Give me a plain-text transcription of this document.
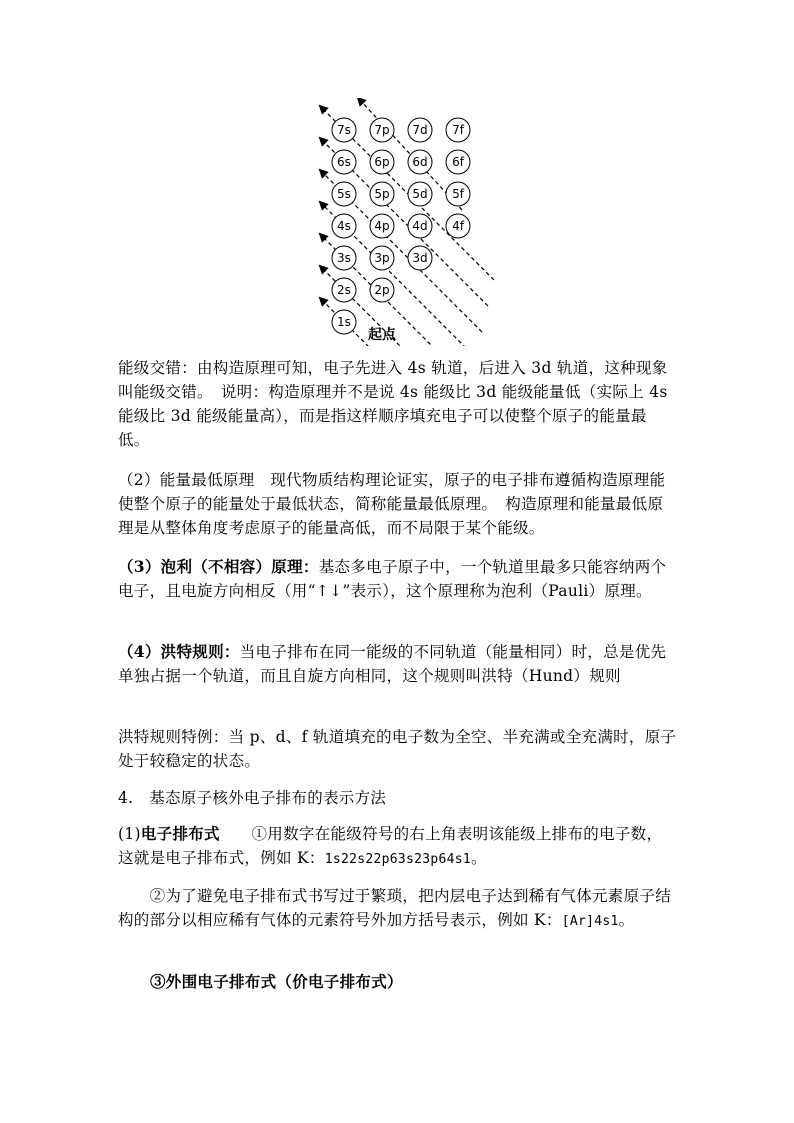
7s 7p 7d 7f
6s 6p 6d 6f
5s 5p 5d 5f
4s 4p 4d 4f
3s 3p 3d
2s 2p
1s
起点

能级交错：由构造原理可知，电子先进入 4s 轨道，后进入 3d 轨道，这种现象叫能级交错。　说明：构造原理并不是说 4s 能级比 3d 能级能量低（实际上 4s 能级比 3d 能级能量高），而是指这样顺序填充电子可以使整个原子的能量最低。

（2）能量最低原理　现代物质结构理论证实，原子的电子排布遵循构造原理能使整个原子的能量处于最低状态，简称能量最低原理。　构造原理和能量最低原理是从整体角度考虑原子的能量高低，而不局限于某个能级。

（3）泡利（不相容）原理：基态多电子原子中，一个轨道里最多只能容纳两个电子，且电旋方向相反（用“↑↓”表示），这个原理称为泡利（Pauli）原理。

（4）洪特规则：当电子排布在同一能级的不同轨道（能量相同）时，总是优先单独占据一个轨道，而且自旋方向相同，这个规则叫洪特（Hund）规则

洪特规则特例：当 p、d、f 轨道填充的电子数为全空、半充满或全充满时，原子处于较稳定的状态。

4.　基态原子核外电子排布的表示方法

(1)电子排布式　　①用数字在能级符号的右上角表明该能级上排布的电子数，这就是电子排布式，例如 K：1s22s22p63s23p64s1。

　　②为了避免电子排布式书写过于繁琐，把内层电子达到稀有气体元素原子结构的部分以相应稀有气体的元素符号外加方括号表示，例如 K：[Ar]4s1。

③外围电子排布式（价电子排布式）
